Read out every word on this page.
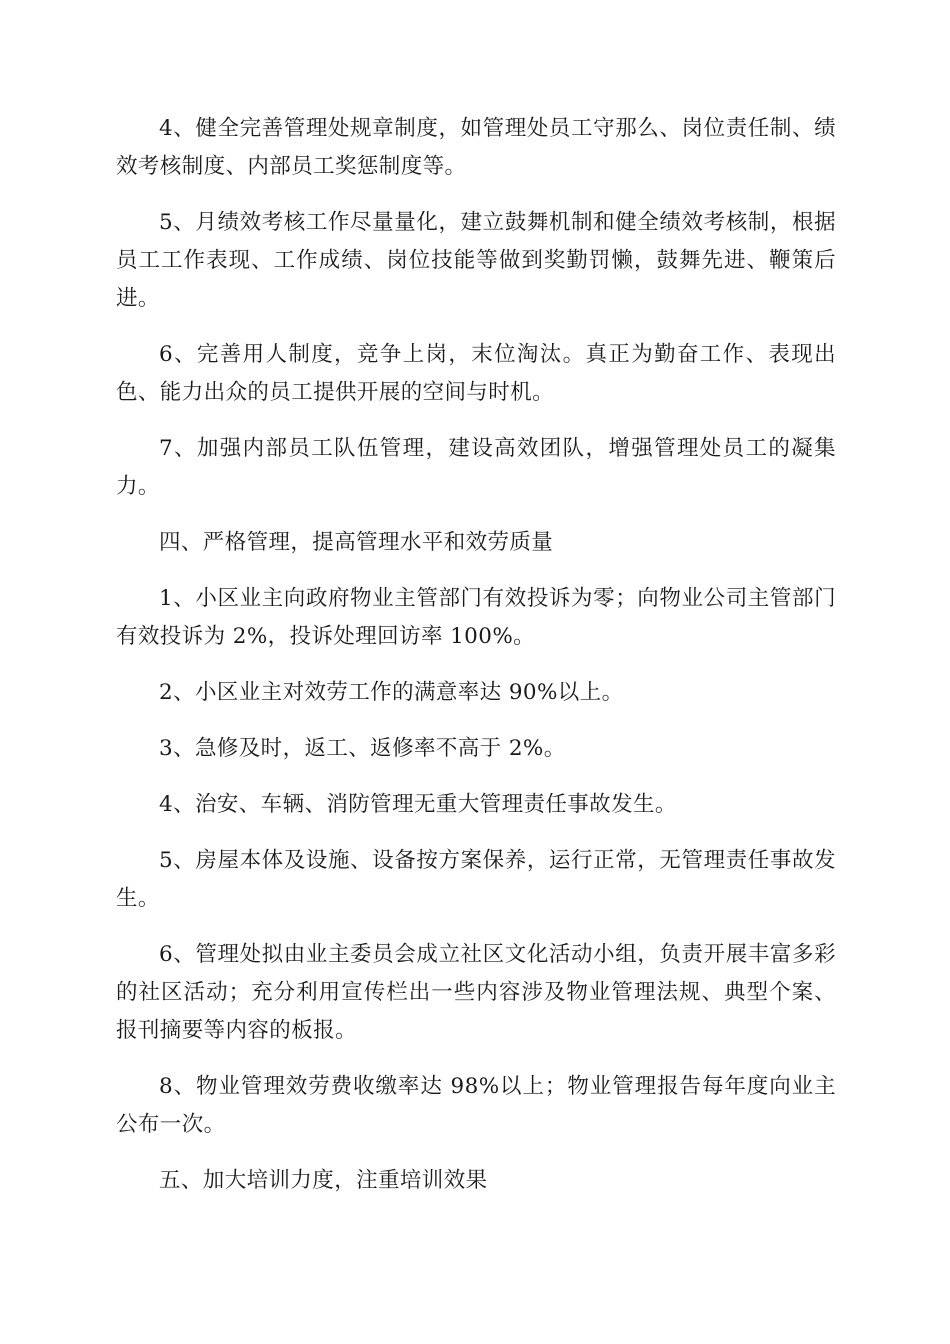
4、健全完善管理处规章制度，如管理处员工守那么、岗位责任制、绩效考核制度、内部员工奖惩制度等。

5、月绩效考核工作尽量量化，建立鼓舞机制和健全绩效考核制，根据员工工作表现、工作成绩、岗位技能等做到奖勤罚懒，鼓舞先进、鞭策后进。

6、完善用人制度，竞争上岗，末位淘汰。真正为勤奋工作、表现出色、能力出众的员工提供开展的空间与时机。

7、加强内部员工队伍管理，建设高效团队，增强管理处员工的凝集力。

四、严格管理，提高管理水平和效劳质量

1、小区业主向政府物业主管部门有效投诉为零；向物业公司主管部门有效投诉为 2%，投诉处理回访率 100%。

2、小区业主对效劳工作的满意率达 90%以上。

3、急修及时，返工、返修率不高于 2%。

4、治安、车辆、消防管理无重大管理责任事故发生。

5、房屋本体及设施、设备按方案保养，运行正常，无管理责任事故发生。

6、管理处拟由业主委员会成立社区文化活动小组，负责开展丰富多彩的社区活动；充分利用宣传栏出一些内容涉及物业管理法规、典型个案、报刊摘要等内容的板报。

8、物业管理效劳费收缴率达 98%以上；物业管理报告每年度向业主公布一次。

五、加大培训力度，注重培训效果
